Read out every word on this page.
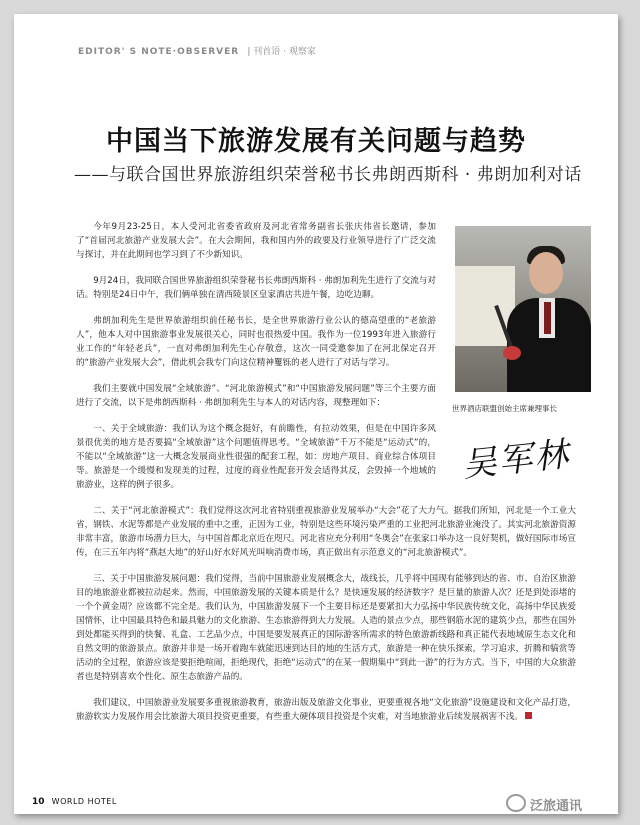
EDITOR' S NOTE·OBSERVER | 刊首语 · 观察家
中国当下旅游发展有关问题与趋势
——与联合国世界旅游组织荣誉秘书长弗朗西斯科 · 弗朗加利对话
世界酒店联盟创始主席兼理事长
吴军林

今年9月23-25日，本人受河北省委省政府及河北省常务副省长张庆伟省长邀请，参加了“首届河北旅游产业发展大会”。在大会期间，我和国内外的政要及行业领导进行了广泛交流与探讨，并在此期间也学习到了不少新知识。

9月24日，我同联合国世界旅游组织荣誉秘书长弗朗西斯科 · 弗朗加利先生进行了交流与对话。特别是24日中午，我们俩单独在清西陵景区皇家酒店共进午餐，边吃边聊。

弗朗加利先生是世界旅游组织前任秘书长，是全世界旅游行业公认的德高望重的“老旅游人”，他本人对中国旅游事业发展很关心，同时也很热爱中国。我作为一位1993年进入旅游行业工作的“年轻老兵”，一直对弗朗加利先生心存敬意，这次一同受邀参加了在河北保定召开的“旅游产业发展大会”，借此机会我专门向这位精神矍铄的老人进行了对话与学习。

我们主要就中国发展“全域旅游”、“河北旅游模式”和“中国旅游发展问题”等三个主要方面进行了交流，以下是弗朗西斯科 · 弗朗加利先生与本人的对话内容，现整理如下：

一、关于全域旅游：我们认为这个概念挺好，有前瞻性，有拉动效果，但是在中国许多风景很优美的地方是否要搞“全域旅游”这个问题值得思考。“全域旅游”千万不能是“运动式”的，不能以“全域旅游”这一大概念发展商业性很强的配套工程，如：房地产项目、商业综合体项目等。旅游是一个缓慢和发现美的过程，过度的商业性配套开发会适得其反，会毁掉一个地域的旅游业，这样的例子很多。

二、关于“河北旅游模式”：我们觉得这次河北省特别重视旅游业发展举办“大会”花了大力气。据我们所知，河北是一个工业大省，钢铁、水泥等都是产业发展的重中之重，正因为工业，特别是这些环境污染严重的工业把河北旅游业淹没了。其实河北旅游资源非常丰富，旅游市场潜力巨大，与中国首都北京近在咫尺。河北省应充分利用“冬奥会”在张家口举办这一良好契机，做好国际市场宣传，在三五年内将“燕赵大地”的好山好水好风光叫响消费市场，真正做出有示范意义的“河北旅游模式”。

三、关于中国旅游发展问题：我们觉得，当前中国旅游业发展概念大，战线长，几乎将中国现有能够到达的省、市、自治区旅游目的地旅游业都被拉动起来。然而，中国旅游发展的关键本质是什么？是快速发展的经济数字？是巨量的旅游人次？还是到处添堵的一个个黄金周？应该都不完全是。我们认为，中国旅游发展下一个主要目标还是要紧扣大力弘扬中华民族传统文化，高扬中华民族爱国情怀，让中国最具特色和最具魅力的文化旅游、生态旅游得到大力发展。人造的景点少点，那些钢筋水泥的建筑少点，那些在国外到处都能买得到的快餐、礼盒、工艺品少点，中国是要发展真正的国际游客所需求的特色旅游新线路和真正能代表地域原生态文化和自然文明的旅游景点。旅游并非是一场开着跑车就能迅速到达目的地的生活方式，旅游是一种在快乐探索，学习追求，折腾和犒赏等活动的全过程，旅游应该是要拒绝喧闹，拒绝现代，拒绝“运动式”的在某一假期集中“到此一游”的行为方式。当下，中国的大众旅游者也是特别喜欢个性化、原生态旅游产品的。

我们建议，中国旅游业发展要多重视旅游教育，旅游出版及旅游文化事业，更要重视各地“文化旅游”设施建设和文化产品打造，旅游软实力发展作用会比旅游大项目投资更重要，有些重大硬体项目投资是个灾难，对当地旅游业后续发展祸害不浅。

10 WORLD HOTEL	泛旅通讯
